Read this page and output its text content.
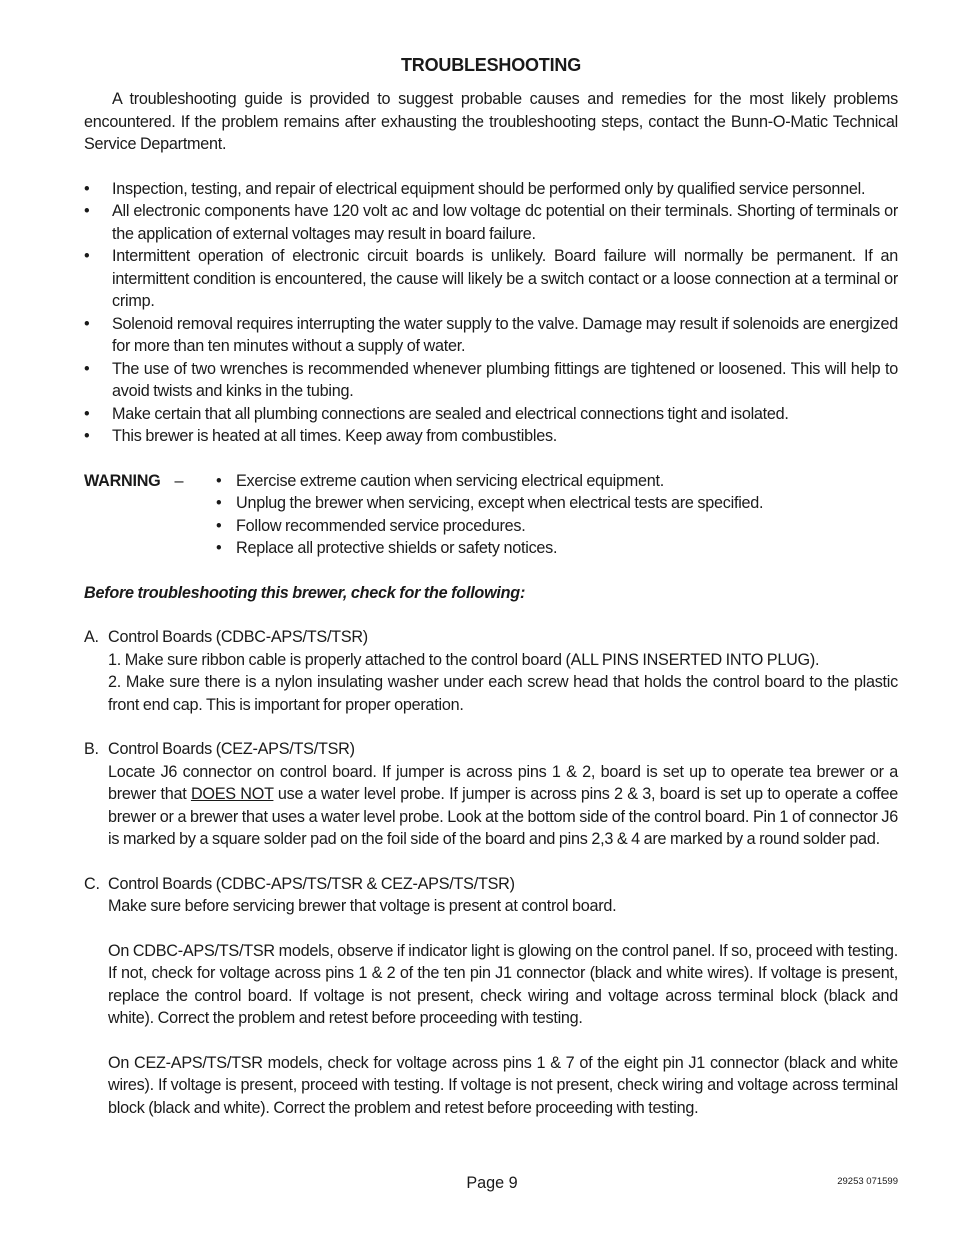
TROUBLESHOOTING

A troubleshooting guide is provided to suggest probable causes and remedies for the most likely problems encountered. If the problem remains after exhausting the troubleshooting steps, contact the Bunn-O-Matic Technical Service Department.

• Inspection, testing, and repair of electrical equipment should be performed only by qualified service personnel.
• All electronic components have 120 volt ac and low voltage dc potential on their terminals. Shorting of terminals or the application of external voltages may result in board failure.
• Intermittent operation of electronic circuit boards is unlikely. Board failure will normally be permanent. If an intermittent condition is encountered, the cause will likely be a switch contact or a loose connection at a terminal or crimp.
• Solenoid removal requires interrupting the water supply to the valve. Damage may result if solenoids are energized for more than ten minutes without a supply of water.
• The use of two wrenches is recommended whenever plumbing fittings are tightened or loosened. This will help to avoid twists and kinks in the tubing.
• Make certain that all plumbing connections are sealed and electrical connections tight and isolated.
• This brewer is heated at all times. Keep away from combustibles.
WARNING –
•	Exercise extreme caution when servicing electrical equipment.
• Unplug the brewer when servicing, except when electrical tests are specified.
• Follow recommended service procedures.
• Replace all protective shields or safety notices.

Before troubleshooting this brewer, check for the following:

A. Control Boards (CDBC-APS/TS/TSR)

1. Make sure ribbon cable is properly attached to the control board (ALL PINS INSERTED INTO PLUG).

2. Make sure there is a nylon insulating washer under each screw head that holds the control board to the plastic front end cap. This is important for proper operation.

B. Control Boards (CEZ-APS/TS/TSR)

Locate J6 connector on control board. If jumper is across pins 1 & 2, board is set up to operate tea brewer or a brewer that DOES NOT use a water level probe. If jumper is across pins 2 & 3, board is set up to operate a coffee brewer or a brewer that uses a water level probe. Look at the bottom side of the control board. Pin 1 of connector J6 is marked by a square solder pad on the foil side of the board and pins 2,3 & 4 are marked by a round solder pad.

C. Control Boards (CDBC-APS/TS/TSR & CEZ-APS/TS/TSR)

Make sure before servicing brewer that voltage is present at control board.

On CDBC-APS/TS/TSR models, observe if indicator light is glowing on the control panel. If so, proceed with testing. If not, check for voltage across pins 1 & 2 of the ten pin J1 connector (black and white wires). If voltage is present, replace the control board. If voltage is not present, check wiring and voltage across terminal block (black and white). Correct the problem and retest before proceeding with testing.

On CEZ-APS/TS/TSR models, check for voltage across pins 1 & 7 of the eight pin J1 connector (black and white wires). If voltage is present, proceed with testing. If voltage is not present, check wiring and voltage across terminal block (black and white). Correct the problem and retest before proceeding with testing.

Page 9	29253 071599
